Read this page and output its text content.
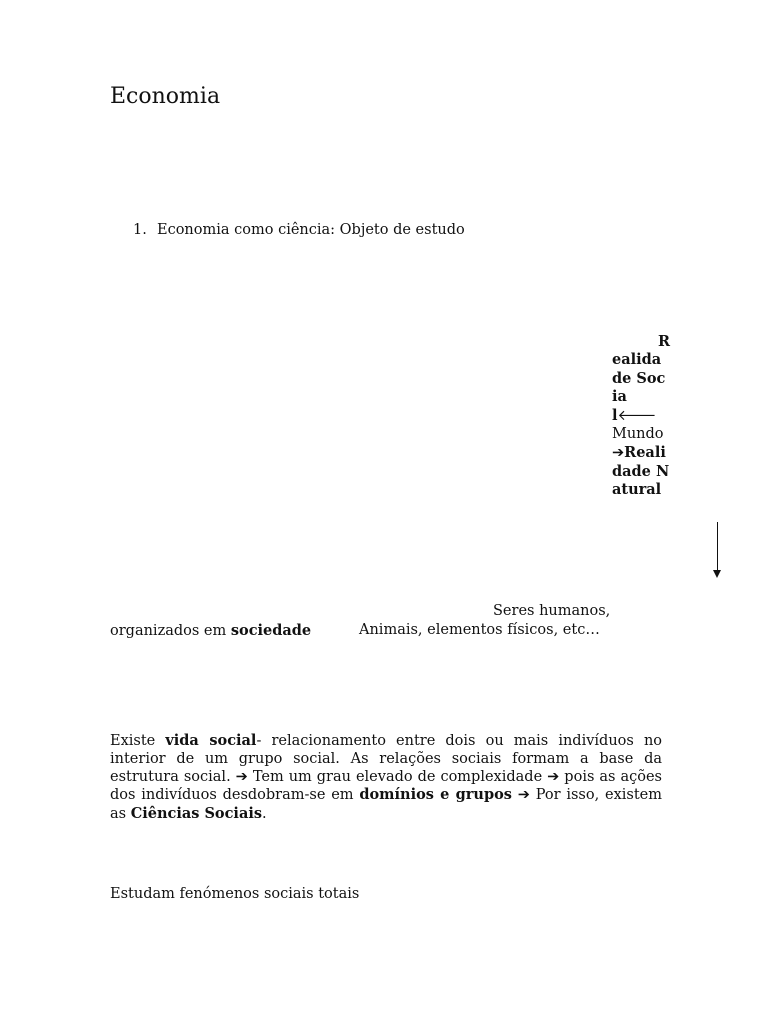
Economia
1. Economia como ciência: Objeto de estudo
R
ealidade Social🡐Mundo➔Realidade Natural
Seres humanos,
organizados em sociedade	Animais, elementos físicos, etc…
Existe vida social- relacionamento entre dois ou mais indivíduos no interior de um grupo social. As relações sociais formam a base da estrutura social. ➔ Tem um grau elevado de complexidade ➔ pois as ações dos indivíduos desdobram-se em domínios e grupos ➔ Por isso, existem as Ciências Sociais.
Estudam fenómenos sociais totais
